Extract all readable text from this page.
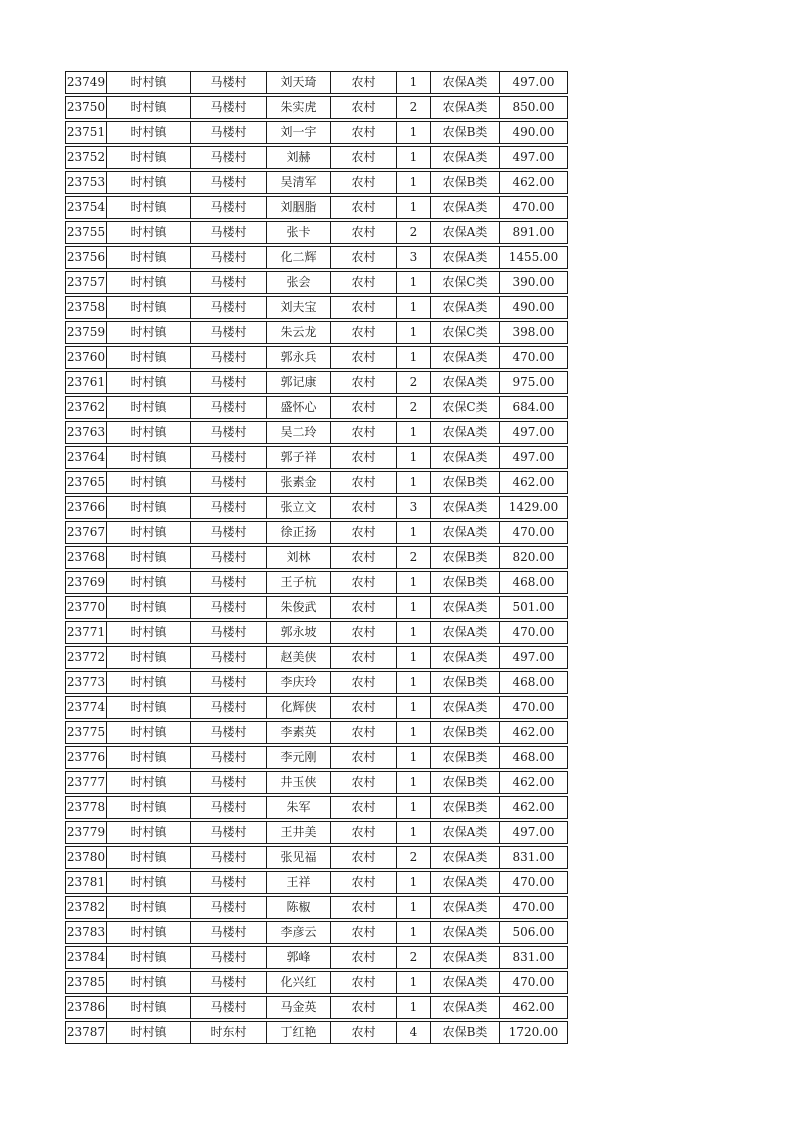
23749	时村镇	马楼村	刘天琦	农村	1	农保A类	497.00
23750	时村镇	马楼村	朱实虎	农村	2	农保A类	850.00
23751	时村镇	马楼村	刘一宇	农村	1	农保B类	490.00
23752	时村镇	马楼村	刘赫	农村	1	农保A类	497.00
23753	时村镇	马楼村	吴清军	农村	1	农保B类	462.00
23754	时村镇	马楼村	刘胭脂	农村	1	农保A类	470.00
23755	时村镇	马楼村	张卡	农村	2	农保A类	891.00
23756	时村镇	马楼村	化二辉	农村	3	农保A类	1455.00
23757	时村镇	马楼村	张会	农村	1	农保C类	390.00
23758	时村镇	马楼村	刘夫宝	农村	1	农保A类	490.00
23759	时村镇	马楼村	朱云龙	农村	1	农保C类	398.00
23760	时村镇	马楼村	郭永兵	农村	1	农保A类	470.00
23761	时村镇	马楼村	郭记康	农村	2	农保A类	975.00
23762	时村镇	马楼村	盛怀心	农村	2	农保C类	684.00
23763	时村镇	马楼村	吴二玲	农村	1	农保A类	497.00
23764	时村镇	马楼村	郭子祥	农村	1	农保A类	497.00
23765	时村镇	马楼村	张素金	农村	1	农保B类	462.00
23766	时村镇	马楼村	张立文	农村	3	农保A类	1429.00
23767	时村镇	马楼村	徐正扬	农村	1	农保A类	470.00
23768	时村镇	马楼村	刘林	农村	2	农保B类	820.00
23769	时村镇	马楼村	王子杭	农村	1	农保B类	468.00
23770	时村镇	马楼村	朱俊武	农村	1	农保A类	501.00
23771	时村镇	马楼村	郭永坡	农村	1	农保A类	470.00
23772	时村镇	马楼村	赵美侠	农村	1	农保A类	497.00
23773	时村镇	马楼村	李庆玲	农村	1	农保B类	468.00
23774	时村镇	马楼村	化辉侠	农村	1	农保A类	470.00
23775	时村镇	马楼村	李素英	农村	1	农保B类	462.00
23776	时村镇	马楼村	李元刚	农村	1	农保B类	468.00
23777	时村镇	马楼村	井玉侠	农村	1	农保B类	462.00
23778	时村镇	马楼村	朱军	农村	1	农保B类	462.00
23779	时村镇	马楼村	王井美	农村	1	农保A类	497.00
23780	时村镇	马楼村	张见福	农村	2	农保A类	831.00
23781	时村镇	马楼村	王祥	农村	1	农保A类	470.00
23782	时村镇	马楼村	陈椒	农村	1	农保A类	470.00
23783	时村镇	马楼村	李彦云	农村	1	农保A类	506.00
23784	时村镇	马楼村	郭峰	农村	2	农保A类	831.00
23785	时村镇	马楼村	化兴红	农村	1	农保A类	470.00
23786	时村镇	马楼村	马金英	农村	1	农保A类	462.00
23787	时村镇	时东村	丁红艳	农村	4	农保B类	1720.00
